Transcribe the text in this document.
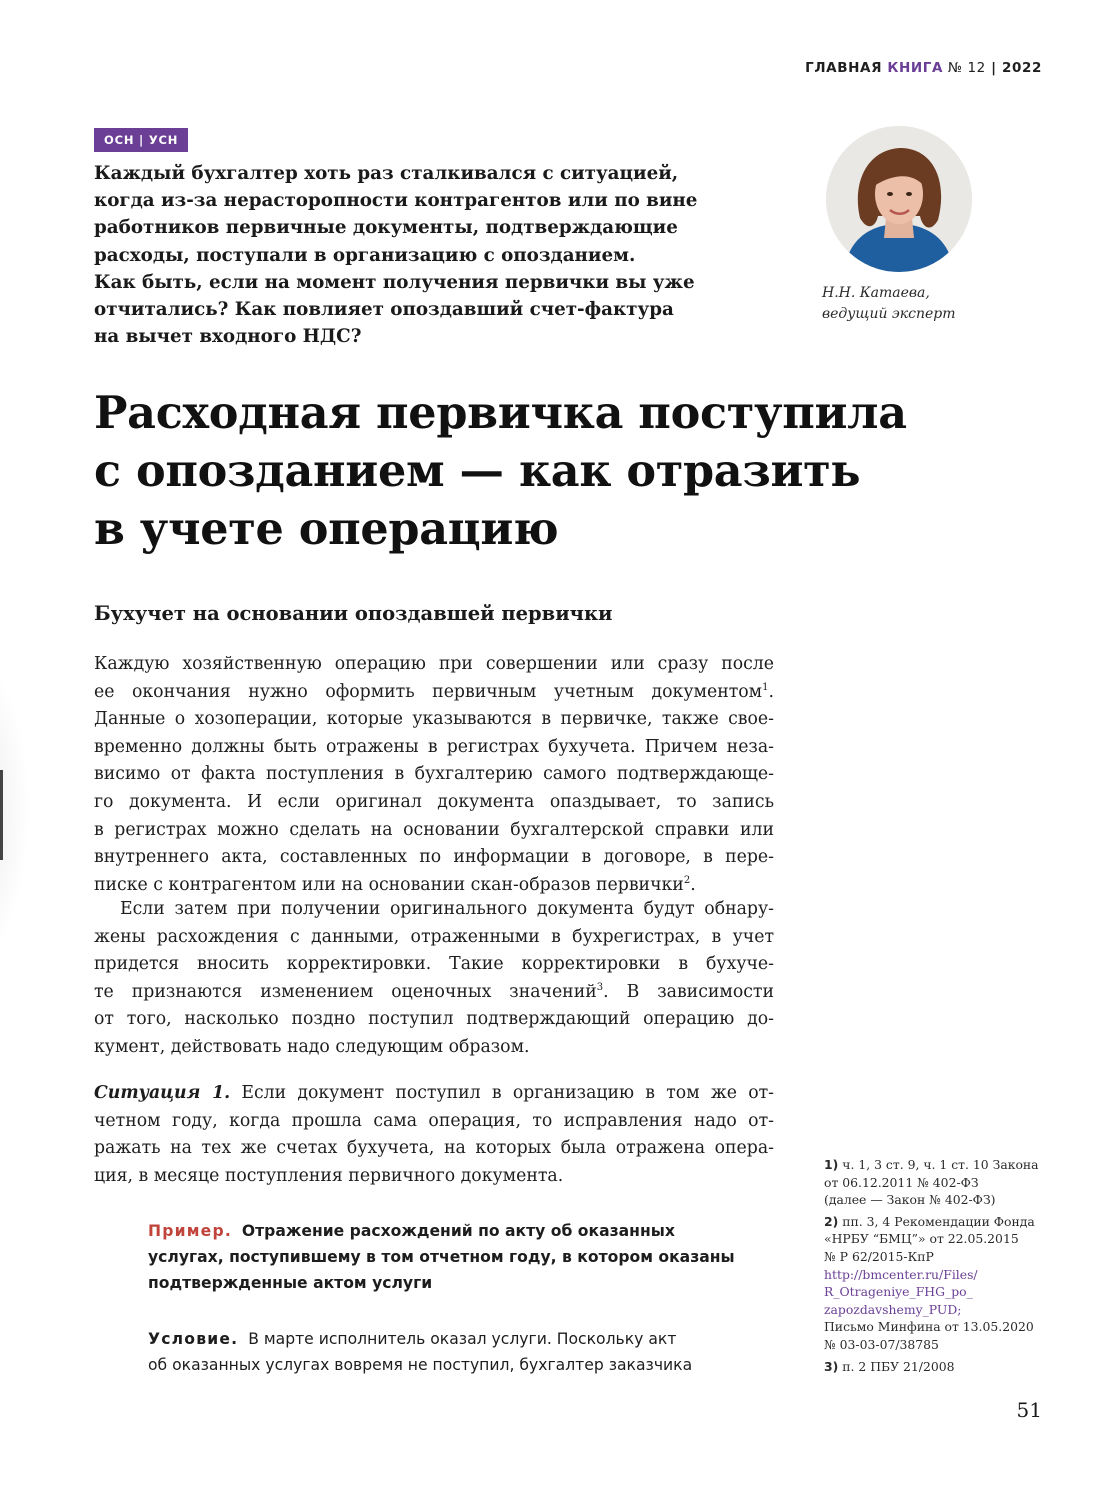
ГЛАВНАЯ КНИГА № 12 | 2022
ОСН | УСН

Каждый бухгалтер хоть раз сталкивался с ситуацией,

когда из-за нерасторопности контрагентов или по вине

работников первичные документы, подтверждающие

расходы, поступали в организацию с опозданием.

Как быть, если на момент получения первички вы уже

отчитались? Как повлияет опоздавший счет-фактура

на вычет входного НДС?

Н.Н. Катаева,
ведущий эксперт
Расходная первичка поступила
с опозданием — как отразить
в учете операцию
Бухучет на основании опоздавшей первички
Каждую хозяйственную операцию при совершении или сразу после
ее окончания нужно оформить первичным учетным документом$^1$.
Данные о хозоперации, которые указываются в первичке, также свое-
временно должны быть отражены в регистрах бухучета. Причем неза-
висимо от факта поступления в бухгалтерию самого подтверждающе-
го документа. И если оригинал документа опаздывает, то запись
в регистрах можно сделать на основании бухгалтерской справки или
внутреннего акта, составленных по информации в договоре, в пере-
писке с контрагентом или на основании скан-образов первички$^2$.
Если затем при получении оригинального документа будут обнару-
жены расхождения с данными, отраженными в бухрегистрах, в учет
придется вносить корректировки. Такие корректировки в бухуче-
те признаются изменением оценочных значений$^3$. В зависимости
от того, насколько поздно поступил подтверждающий операцию до-
кумент, действовать надо следующим образом.
Ситуация 1. Если документ поступил в организацию в том же от-
четном году, когда прошла сама операция, то исправления надо от-
ражать на тех же счетах бухучета, на которых была отражена опера-
ция, в месяце поступления первичного документа.
Пример. Отражение расхождений по акту об оказанных
услугах, поступившему в том отчетном году, в котором оказаны
подтвержденные актом услуги
Условие. В марте исполнитель оказал услуги. Поскольку акт
об оказанных услугах вовремя не поступил, бухгалтер заказчика
1) ч. 1, 3 ст. 9, ч. 1 ст. 10 Закона
от 06.12.2011 № 402-ФЗ
(далее — Закон № 402-ФЗ)
2) пп. 3, 4 Рекомендации Фонда
«НРБУ “БМЦ”» от 22.05.2015
№ Р 62/2015-КпР
http://bmcenter.ru/Files/
R_Otrageniye_FHG_po_
zapozdavshemy_PUD;
Письмо Минфина от 13.05.2020
№ 03-03-07/38785
3) п. 2 ПБУ 21/2008
51
